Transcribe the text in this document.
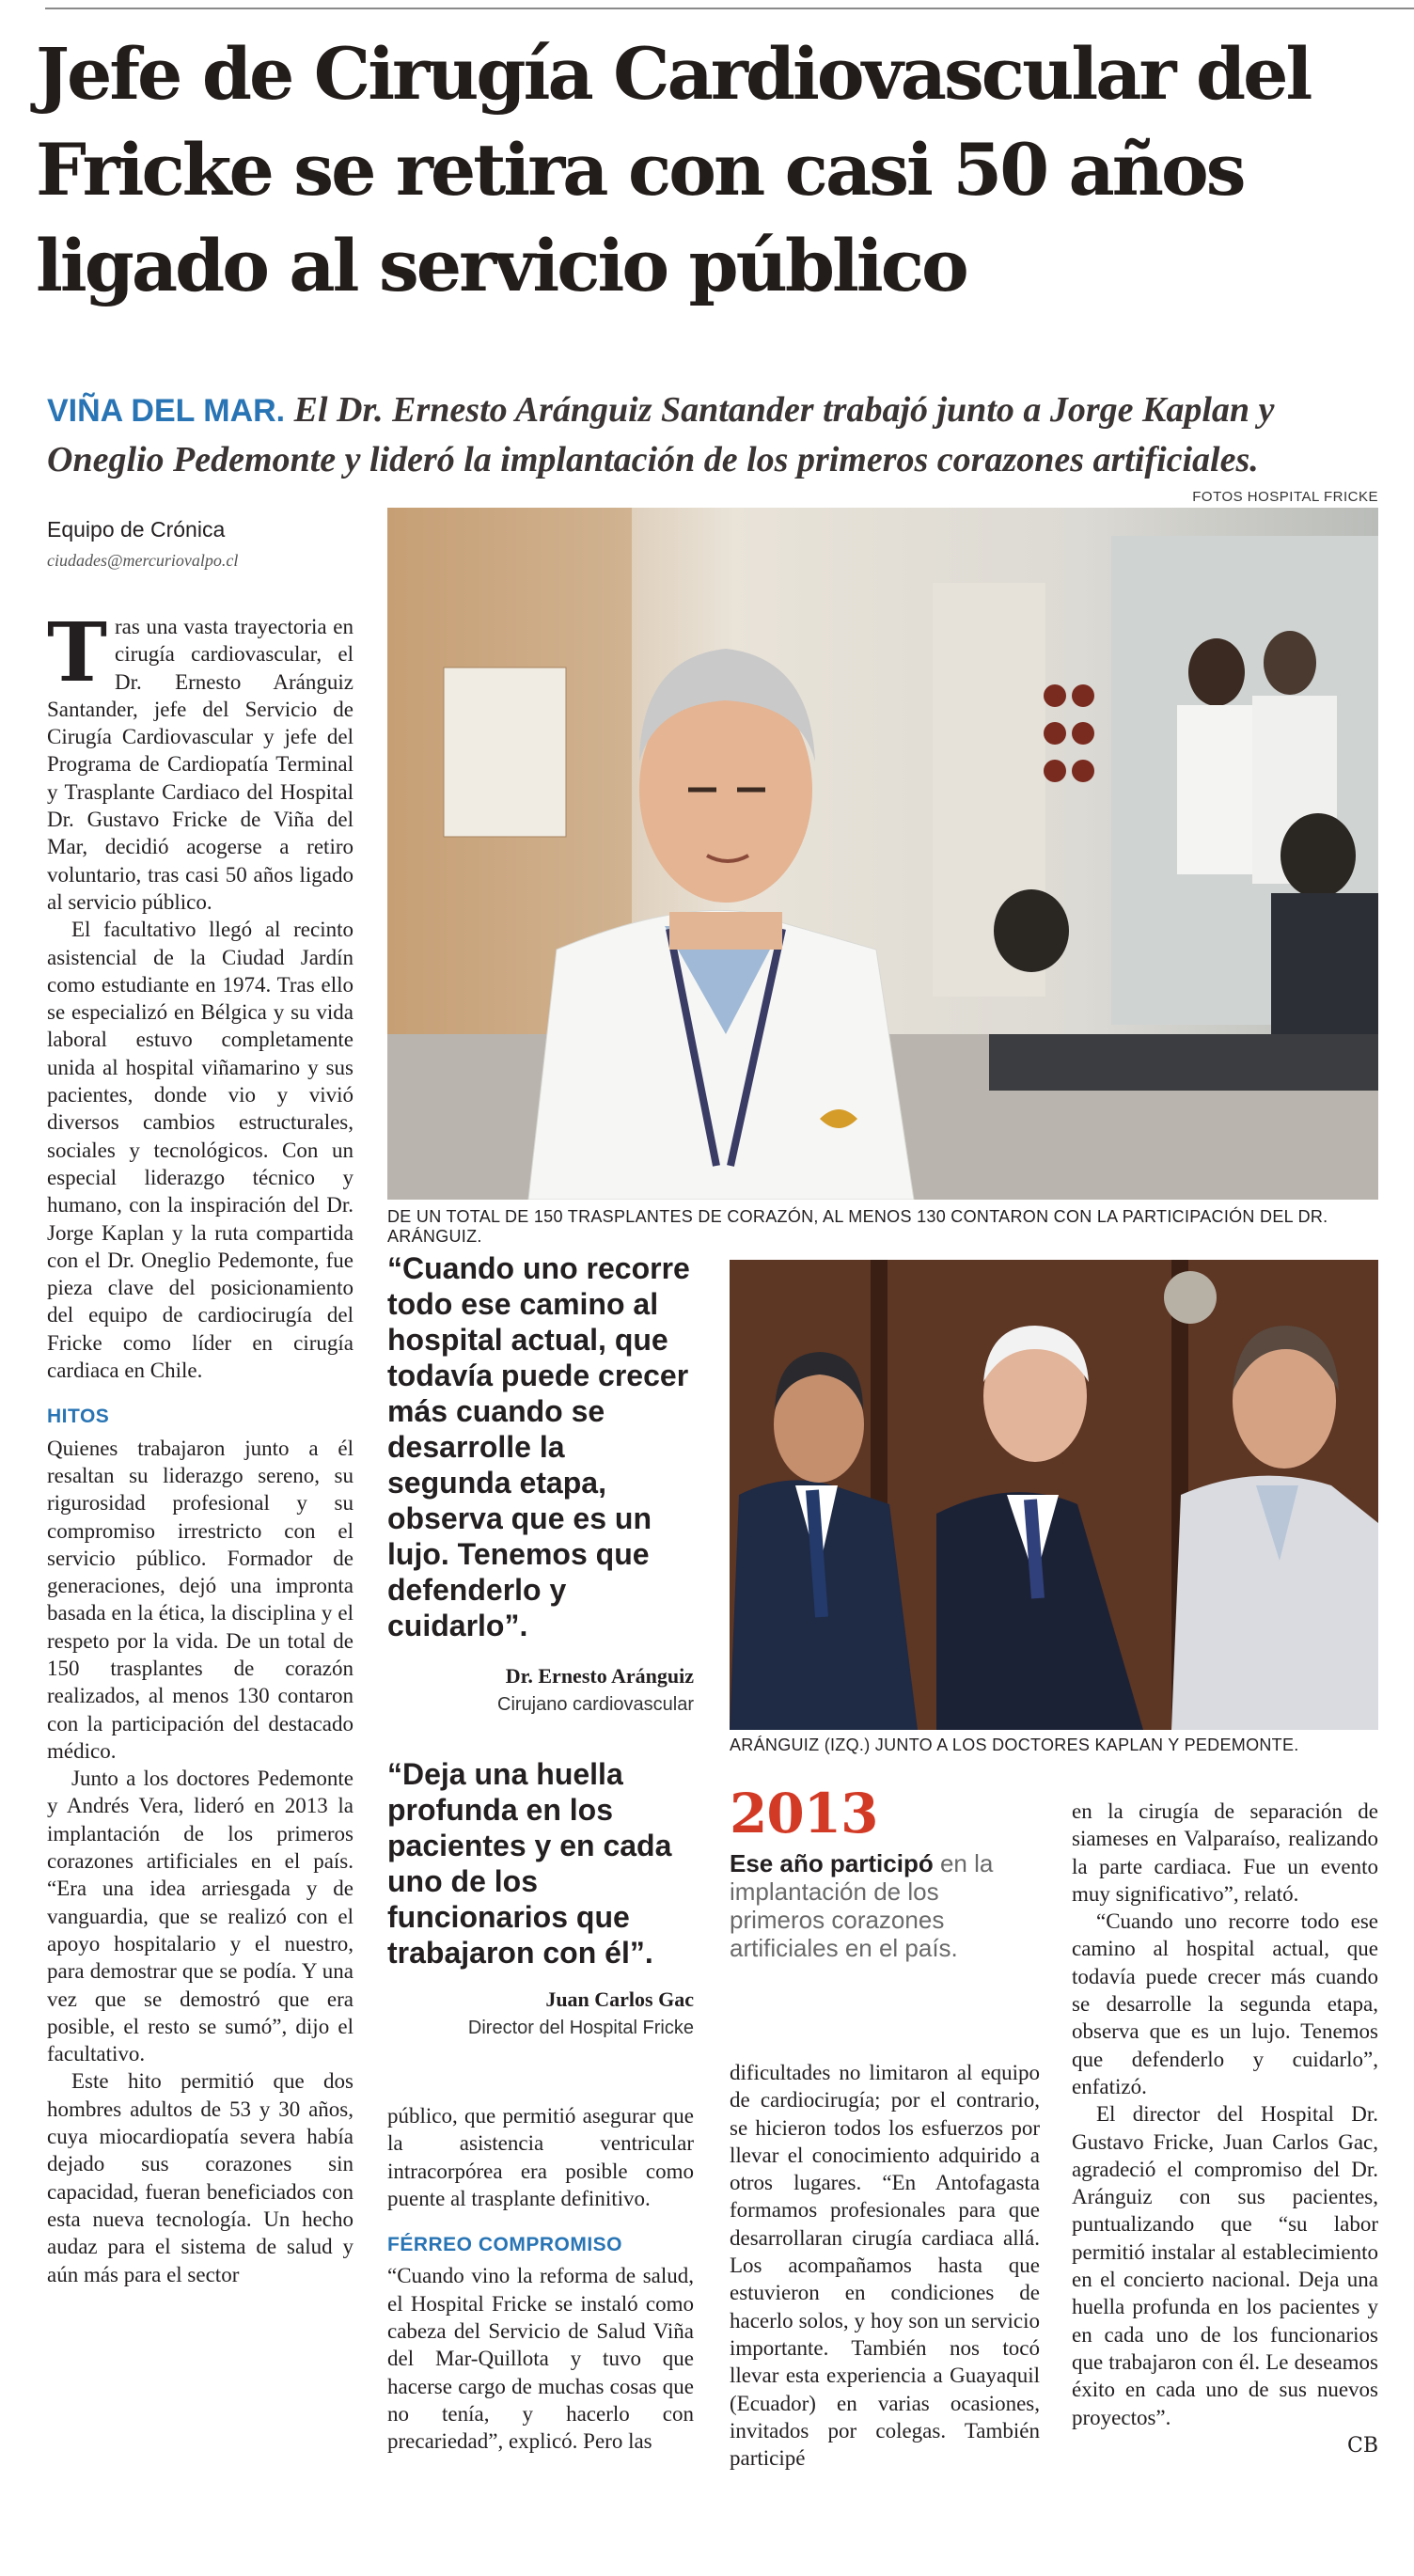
Jefe de Cirugía Cardiovascular del Fricke se retira con casi 50 años ligado al servicio público
VIÑA DEL MAR. El Dr. Ernesto Aránguiz Santander trabajó junto a Jorge Kaplan y Oneglio Pedemonte y lideró la implantación de los primeros corazones artificiales.
FOTOS HOSPITAL FRICKE
Equipo de Crónica
ciudades@mercuriovalpo.cl

Tras una vasta trayectoria en cirugía cardiovascular, el Dr. Ernesto Aránguiz Santander, jefe del Servicio de Cirugía Cardiovascular y jefe del Programa de Cardiopatía Terminal y Trasplante Cardiaco del Hospital Dr. Gustavo Fricke de Viña del Mar, decidió acogerse a retiro voluntario, tras casi 50 años ligado al servicio público.

El facultativo llegó al recinto asistencial de la Ciudad Jardín como estudiante en 1974. Tras ello se especializó en Bélgica y su vida laboral estuvo completamente unida al hospital viñamarino y sus pacientes, donde vio y vivió diversos cambios estructurales, sociales y tecnológicos. Con un especial liderazgo técnico y humano, con la inspiración del Dr. Jorge Kaplan y la ruta compartida con el Dr. Oneglio Pedemonte, fue pieza clave del posicionamiento del equipo de cardiocirugía del Fricke como líder en cirugía cardiaca en Chile.

HITOS

Quienes trabajaron junto a él resaltan su liderazgo sereno, su rigurosidad profesional y su compromiso irrestricto con el servicio público. Formador de generaciones, dejó una impronta basada en la ética, la disciplina y el respeto por la vida. De un total de 150 trasplantes de corazón realizados, al menos 130 contaron con la participación del destacado médico.

Junto a los doctores Pedemonte y Andrés Vera, lideró en 2013 la implantación de los primeros corazones artificiales en el país. “Era una idea arriesgada y de vanguardia, que se realizó con el apoyo hospitalario y el nuestro, para demostrar que se podía. Y una vez que se demostró que era posible, el resto se sumó”, dijo el facultativo.

Este hito permitió que dos hombres adultos de 53 y 30 años, cuya miocardiopatía severa había dejado sus corazones sin capacidad, fueran beneficiados con esta nueva tecnología. Un hecho audaz para el sistema de salud y aún más para el sector

DE UN TOTAL DE 150 TRASPLANTES DE CORAZÓN, AL MENOS 130 CONTARON CON LA PARTICIPACIÓN DEL DR. ARÁNGUIZ.
“Cuando uno recorre todo ese camino al hospital actual, que todavía puede crecer más cuando se desarrolle la segunda etapa, observa que es un lujo. Tenemos que defenderlo y cuidarlo”.
Dr. Ernesto Aránguiz
Cirujano cardiovascular
“Deja una huella profunda en los pacientes y en cada uno de los funcionarios que trabajaron con él”.
Juan Carlos Gac
Director del Hospital Fricke

público, que permitió asegurar que la asistencia ventricular intracorpórea era posible como puente al trasplante definitivo.

FÉRREO COMPROMISO

“Cuando vino la reforma de salud, el Hospital Fricke se instaló como cabeza del Servicio de Salud Viña del Mar-Quillota y tuvo que hacerse cargo de muchas cosas que no tenía, y hacerlo con precariedad”, explicó. Pero las

ARÁNGUIZ (IZQ.) JUNTO A LOS DOCTORES KAPLAN Y PEDEMONTE.
2013
Ese año participó en la implantación de los primeros corazones artificiales en el país.

dificultades no limitaron al equipo de cardiocirugía; por el contrario, se hicieron todos los esfuerzos por llevar el conocimiento adquirido a otros lugares. “En Antofagasta formamos profesionales para que desarrollaran cirugía cardiaca allá. Los acompañamos hasta que estuvieron en condiciones de hacerlo solos, y hoy son un servicio importante. También nos tocó llevar esta experiencia a Guayaquil (Ecuador) en varias ocasiones, invitados por colegas. También participé

en la cirugía de separación de siameses en Valparaíso, realizando la parte cardiaca. Fue un evento muy significativo”, relató.

“Cuando uno recorre todo ese camino al hospital actual, que todavía puede crecer más cuando se desarrolle la segunda etapa, observa que es un lujo. Tenemos que defenderlo y cuidarlo”, enfatizó.

El director del Hospital Dr. Gustavo Fricke, Juan Carlos Gac, agradeció el compromiso del Dr. Aránguiz con sus pacientes, puntualizando que “su labor permitió instalar al establecimiento en el concierto nacional. Deja una huella profunda en los pacientes y en cada uno de los funcionarios que trabajaron con él. Le deseamos éxito en cada uno de sus nuevos proyectos”.

CB
